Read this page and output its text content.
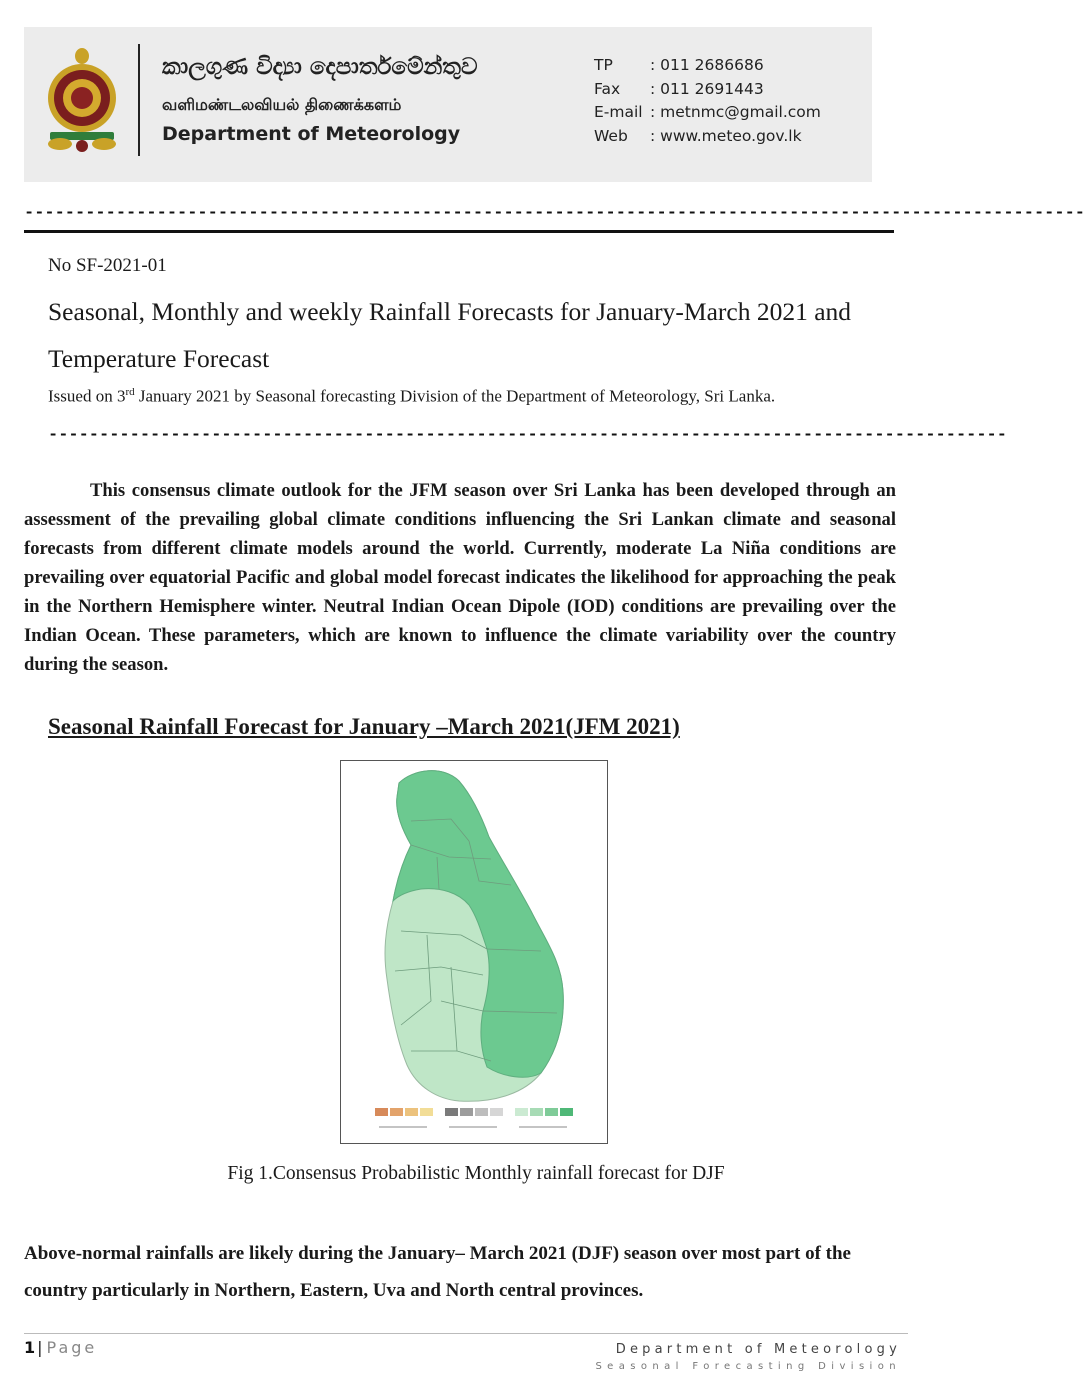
කාලගුණ විද්‍යා දෙපාර්තමේන්තුව
வளிமண்டலவியல் திணைக்களம்
Department of Meteorology
TP : 011 2686686
Fax : 011 2691443
E-mail : metnmc@gmail.com
Web : www.meteo.gov.lk
--------------------------------------------------------------------------------------------------------
No SF-2021-01
Seasonal, Monthly and weekly Rainfall Forecasts for January-March 2021 and Temperature Forecast
Issued on 3rd January 2021 by Seasonal forecasting Division of the Department of Meteorology, Sri Lanka.
----------------------------------------------------------------------------------------------
This consensus climate outlook for the JFM season over Sri Lanka has been developed through an assessment of the prevailing global climate conditions influencing the Sri Lankan climate and seasonal forecasts from different climate models around the world. Currently, moderate La Niña conditions are prevailing over equatorial Pacific and global model forecast indicates the likelihood for approaching the peak in the Northern Hemisphere winter. Neutral Indian Ocean Dipole (IOD) conditions are prevailing over the Indian Ocean. These parameters, which are known to influence the climate variability over the country during the season.
Seasonal Rainfall Forecast for January –March 2021(JFM 2021)
Fig 1.Consensus Probabilistic Monthly rainfall forecast for DJF
Above-normal rainfalls are likely during the January– March 2021 (DJF) season over most part of the country particularly in Northern, Eastern, Uva and North central provinces.
1 | Page	Department of Meteorology
Seasonal Forecasting Division
